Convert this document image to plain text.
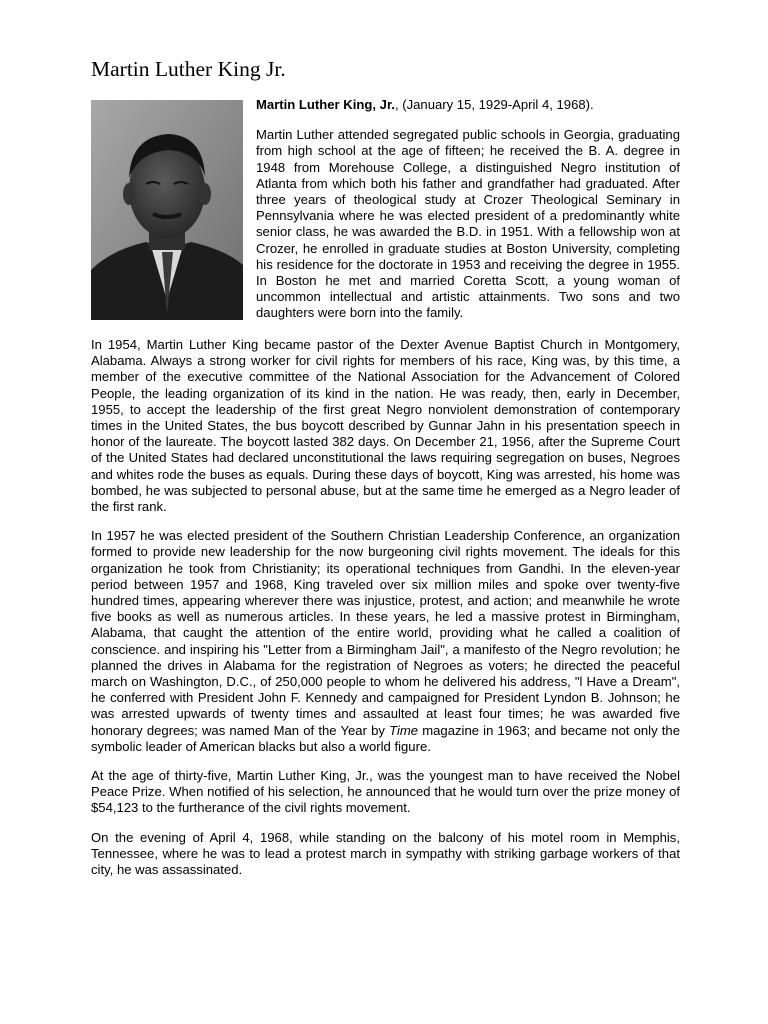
Martin Luther King Jr.

Martin Luther King, Jr., (January 15, 1929-April 4, 1968).

Martin Luther attended segregated public schools in Georgia, graduating from high school at the age of fifteen; he received the B. A. degree in 1948 from Morehouse College, a distinguished Negro institution of Atlanta from which both his father and grandfather had graduated. After three years of theological study at Crozer Theological Seminary in Pennsylvania where he was elected president of a predominantly white senior class, he was awarded the B.D. in 1951. With a fellowship won at Crozer, he enrolled in graduate studies at Boston University, completing his residence for the doctorate in 1953 and receiving the degree in 1955. In Boston he met and married Coretta Scott, a young woman of uncommon intellectual and artistic attainments. Two sons and two daughters were born into the family.

In 1954, Martin Luther King became pastor of the Dexter Avenue Baptist Church in Montgomery, Alabama. Always a strong worker for civil rights for members of his race, King was, by this time, a member of the executive committee of the National Association for the Advancement of Colored People, the leading organization of its kind in the nation. He was ready, then, early in December, 1955, to accept the leadership of the first great Negro nonviolent demonstration of contemporary times in the United States, the bus boycott described by Gunnar Jahn in his presentation speech in honor of the laureate. The boycott lasted 382 days. On December 21, 1956, after the Supreme Court of the United States had declared unconstitutional the laws requiring segregation on buses, Negroes and whites rode the buses as equals. During these days of boycott, King was arrested, his home was bombed, he was subjected to personal abuse, but at the same time he emerged as a Negro leader of the first rank.

In 1957 he was elected president of the Southern Christian Leadership Conference, an organization formed to provide new leadership for the now burgeoning civil rights movement. The ideals for this organization he took from Christianity; its operational techniques from Gandhi. In the eleven-year period between 1957 and 1968, King traveled over six million miles and spoke over twenty-five hundred times, appearing wherever there was injustice, protest, and action; and meanwhile he wrote five books as well as numerous articles. In these years, he led a massive protest in Birmingham, Alabama, that caught the attention of the entire world, providing what he called a coalition of conscience. and inspiring his "Letter from a Birmingham Jail", a manifesto of the Negro revolution; he planned the drives in Alabama for the registration of Negroes as voters; he directed the peaceful march on Washington, D.C., of 250,000 people to whom he delivered his address, "l Have a Dream", he conferred with President John F. Kennedy and campaigned for President Lyndon B. Johnson; he was arrested upwards of twenty times and assaulted at least four times; he was awarded five honorary degrees; was named Man of the Year by Time magazine in 1963; and became not only the symbolic leader of American blacks but also a world figure.

At the age of thirty-five, Martin Luther King, Jr., was the youngest man to have received the Nobel Peace Prize. When notified of his selection, he announced that he would turn over the prize money of $54,123 to the furtherance of the civil rights movement.

On the evening of April 4, 1968, while standing on the balcony of his motel room in Memphis, Tennessee, where he was to lead a protest march in sympathy with striking garbage workers of that city, he was assassinated.
